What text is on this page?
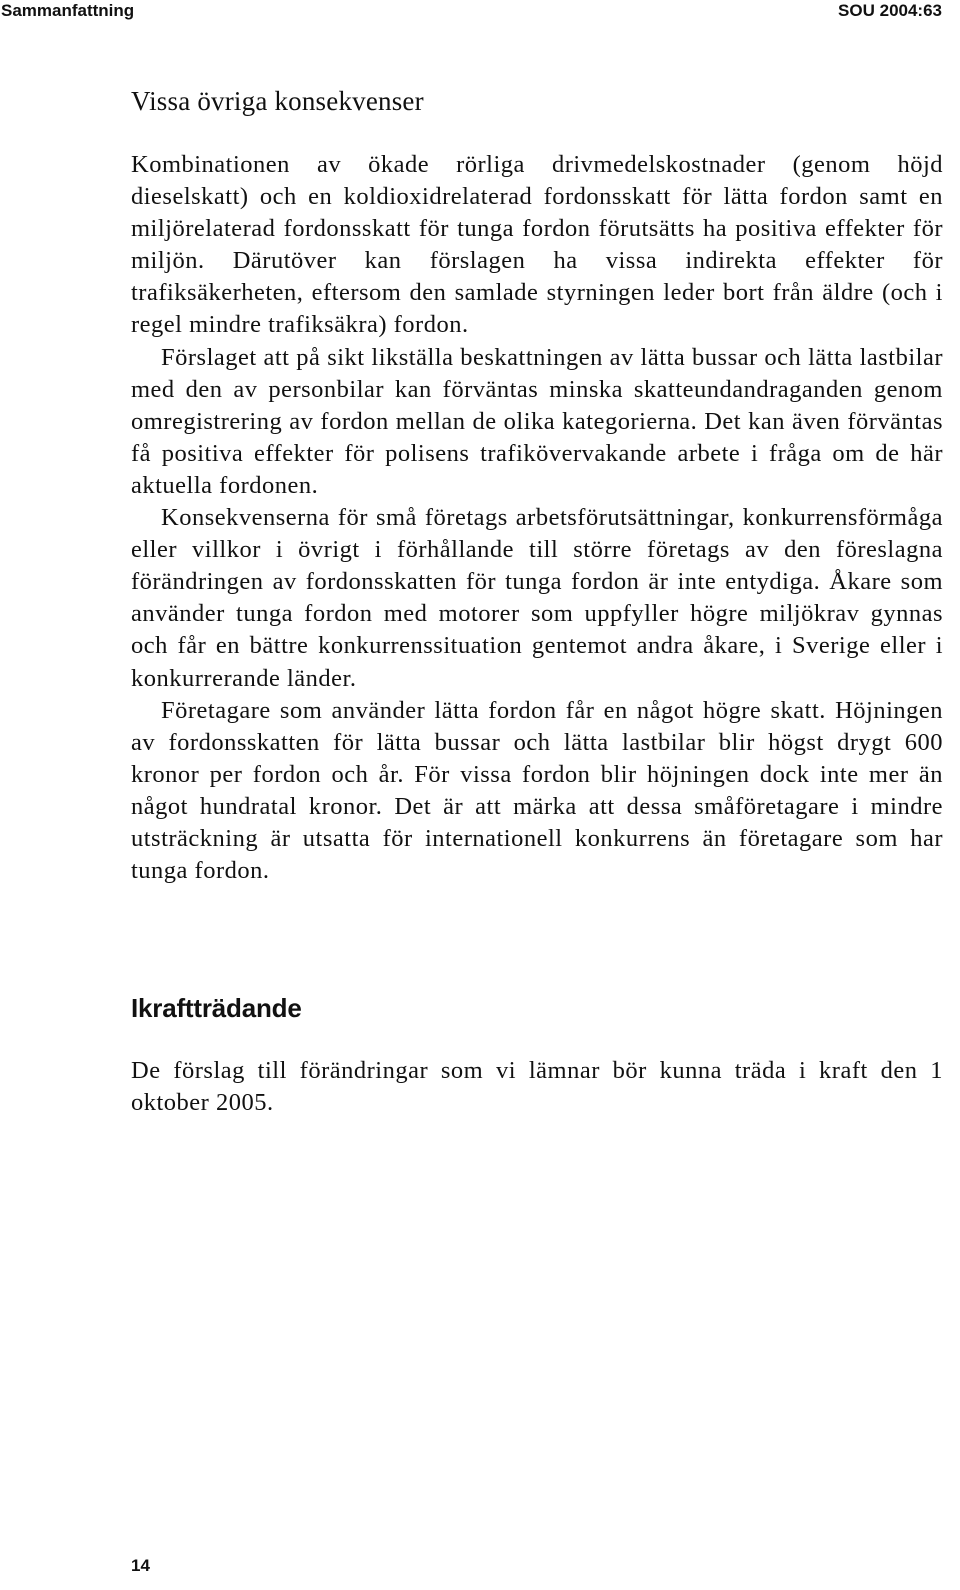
Sammanfattning	SOU 2004:63
Vissa övriga konsekvenser

Kombinationen av ökade rörliga drivmedelskostnader (genom höjd dieselskatt) och en koldioxidrelaterad fordonsskatt för lätta fordon samt en miljörelaterad fordonsskatt för tunga fordon förutsätts ha positiva effekter för miljön. Därutöver kan förslagen ha vissa indirekta effekter för trafiksäkerheten, eftersom den samlade styrningen leder bort från äldre (och i regel mindre trafiksäkra) fordon.

Förslaget att på sikt likställa beskattningen av lätta bussar och lätta lastbilar med den av personbilar kan förväntas minska skatteundandraganden genom omregistrering av fordon mellan de olika kategorierna. Det kan även förväntas få positiva effekter för polisens trafikövervakande arbete i fråga om de här aktuella fordonen.

Konsekvenserna för små företags arbetsförutsättningar, konkurrensförmåga eller villkor i övrigt i förhållande till större företags av den föreslagna förändringen av fordonsskatten för tunga fordon är inte entydiga. Åkare som använder tunga fordon med motorer som uppfyller högre miljökrav gynnas och får en bättre konkurrenssituation gentemot andra åkare, i Sverige eller i konkurrerande länder.

Företagare som använder lätta fordon får en något högre skatt. Höjningen av fordonsskatten för lätta bussar och lätta lastbilar blir högst drygt 600 kronor per fordon och år. För vissa fordon blir höjningen dock inte mer än något hundratal kronor. Det är att märka att dessa småföretagare i mindre utsträckning är utsatta för internationell konkurrens än företagare som har tunga fordon.

Ikraftträdande

De förslag till förändringar som vi lämnar bör kunna träda i kraft den 1 oktober 2005.

14
